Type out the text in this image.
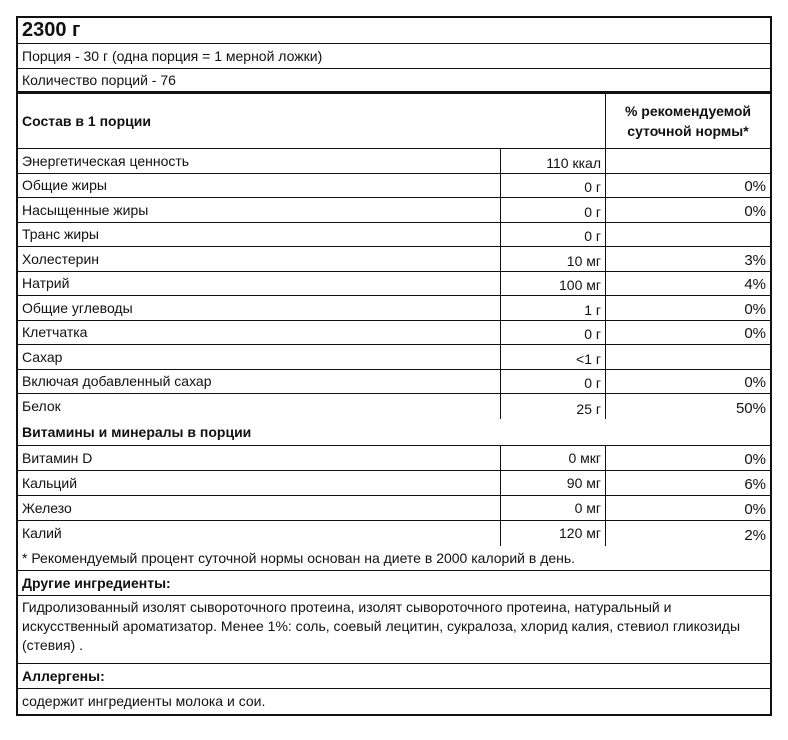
2300 г
Порция - 30 г (одна порция = 1 мерной ложки)
Количество порций - 76
Состав в 1 порции
% рекомендуемой суточной нормы*
Энергетическая ценность	110 ккал
Общие жиры	0 г	0%
Насыщенные жиры	0 г	0%
Транс жиры	0 г
Холестерин	10 мг	3%
Натрий	100 мг	4%
Общие углеводы	1 г	0%
Клетчатка	0 г	0%
Сахар	<1 г
Включая добавленный сахар	0 г	0%
Белок	25 г	50%
Витамины и минералы в порции
Витамин D	0 мкг	0%
Кальций	90 мг	6%
Железо	0 мг	0%
Калий	120 мг	2%
* Рекомендуемый процент суточной нормы основан на диете в 2000 калорий в день.
Другие ингредиенты:
Гидролизованный изолят сывороточного протеина, изолят сывороточного протеина, натуральный и искусственный ароматизатор. Менее 1%: соль, соевый лецитин, сукралоза, хлорид калия, стевиол гликозиды (стевия) .
Аллергены:
содержит ингредиенты молока и сои.
